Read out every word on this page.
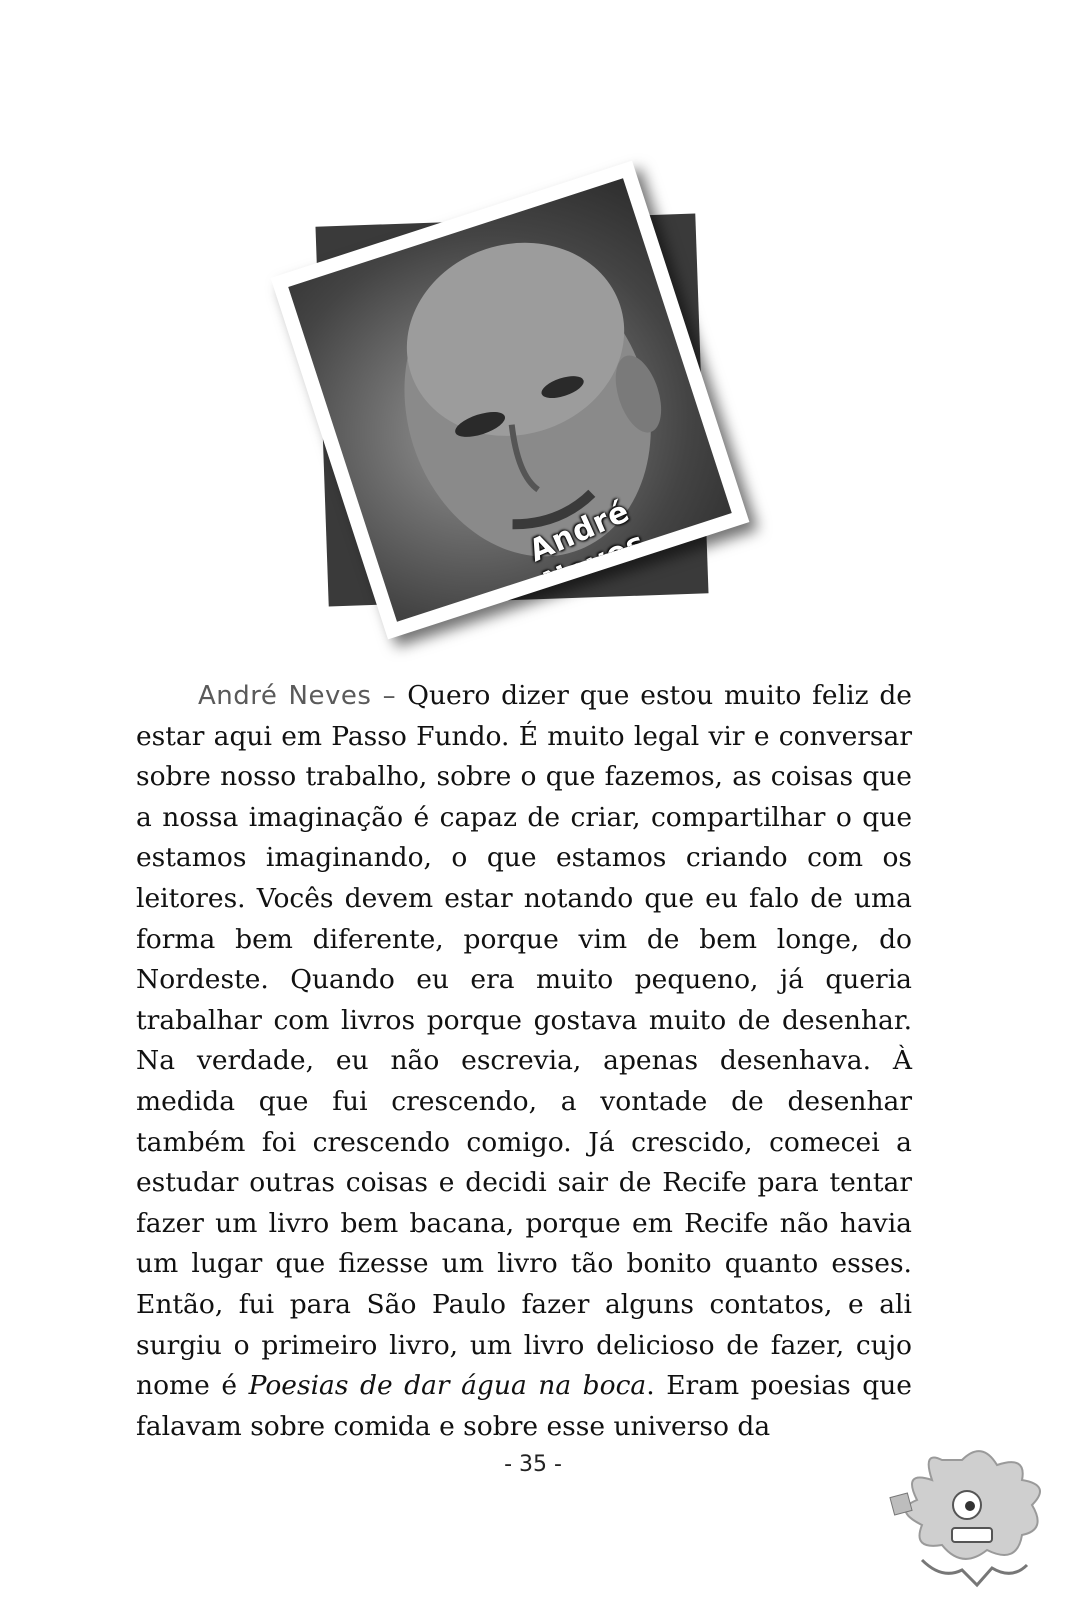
André Neves
André Neves – Quero dizer que estou muito feliz de estar aqui em Passo Fundo. É muito legal vir e conversar sobre nosso trabalho, sobre o que fazemos, as coisas que a nossa imaginação é capaz de criar, compartilhar o que estamos imaginando, o que estamos criando com os leitores. Vocês devem estar notando que eu falo de uma forma bem diferente, porque vim de bem longe, do Nordeste. Quando eu era muito pequeno, já queria trabalhar com livros porque gostava muito de desenhar. Na verdade, eu não escrevia, apenas desenhava. À medida que fui crescendo, a vontade de desenhar também foi crescendo comigo. Já crescido, comecei a estudar outras coisas e decidi sair de Recife para tentar fazer um livro bem bacana, porque em Recife não havia um lugar que fizesse um livro tão bonito quanto esses. Então, fui para São Paulo fazer alguns contatos, e ali surgiu o primeiro livro, um livro delicioso de fazer, cujo nome é Poesias de dar água na boca. Eram poesias que falavam sobre comida e sobre esse universo da
- 35 -
